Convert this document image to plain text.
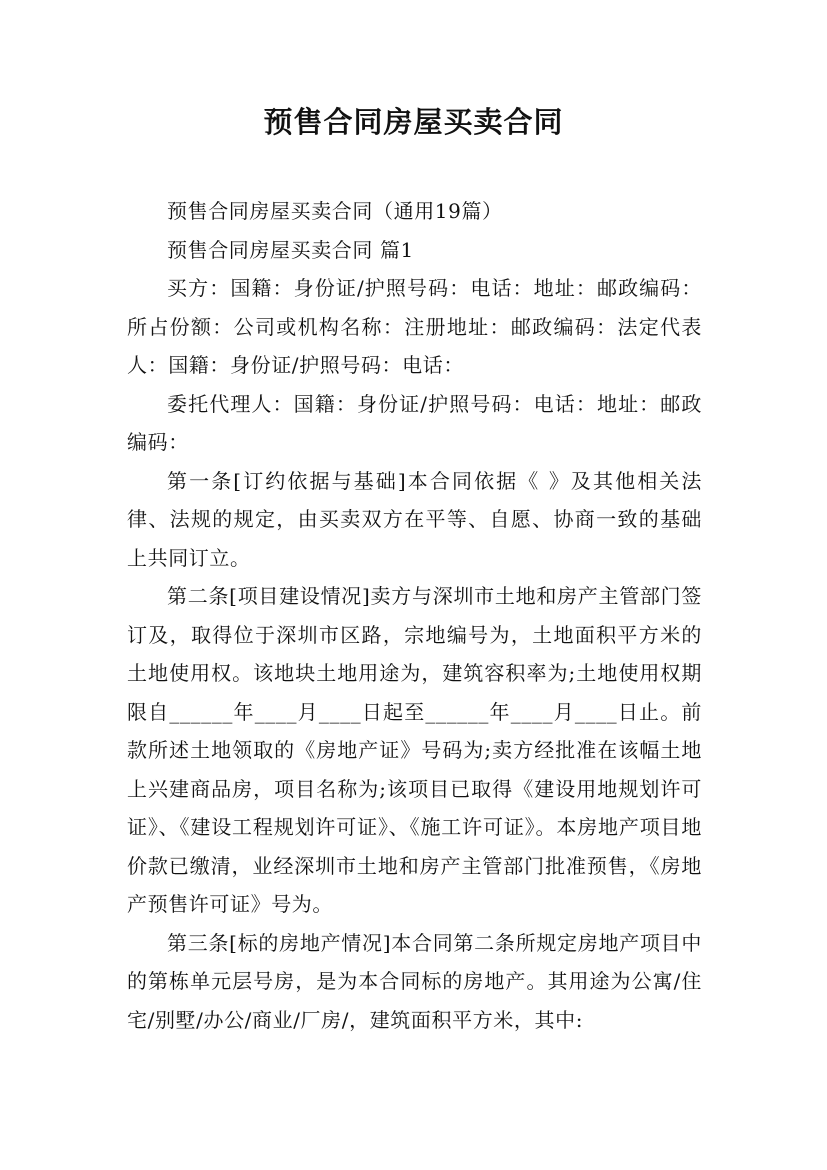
预售合同房屋买卖合同

预售合同房屋买卖合同（通用19篇）

预售合同房屋买卖合同 篇1

买方：国籍：身份证/护照号码：电话：地址：邮政编码：所占份额：公司或机构名称：注册地址：邮政编码：法定代表人：国籍：身份证/护照号码：电话：

委托代理人：国籍：身份证/护照号码：电话：地址：邮政编码：

第一条[订约依据与基础]本合同依据《 》及其他相关法律、法规的规定，由买卖双方在平等、自愿、协商一致的基础上共同订立。

第二条[项目建设情况]卖方与深圳市土地和房产主管部门签订及，取得位于深圳市区路，宗地编号为，土地面积平方米的土地使用权。该地块土地用途为，建筑容积率为;土地使用权期限自______年____月____日起至______年____月____日止。前款所述土地领取的《房地产证》号码为;卖方经批准在该幅土地上兴建商品房，项目名称为;该项目已取得《建设用地规划许可证》、《建设工程规划许可证》、《施工许可证》。本房地产项目地价款已缴清，业经深圳市土地和房产主管部门批准预售，《房地产预售许可证》号为。

第三条[标的房地产情况]本合同第二条所规定房地产项目中的第栋单元层号房，是为本合同标的房地产。其用途为公寓/住宅/别墅/办公/商业/厂房/，建筑面积平方米，其中:
